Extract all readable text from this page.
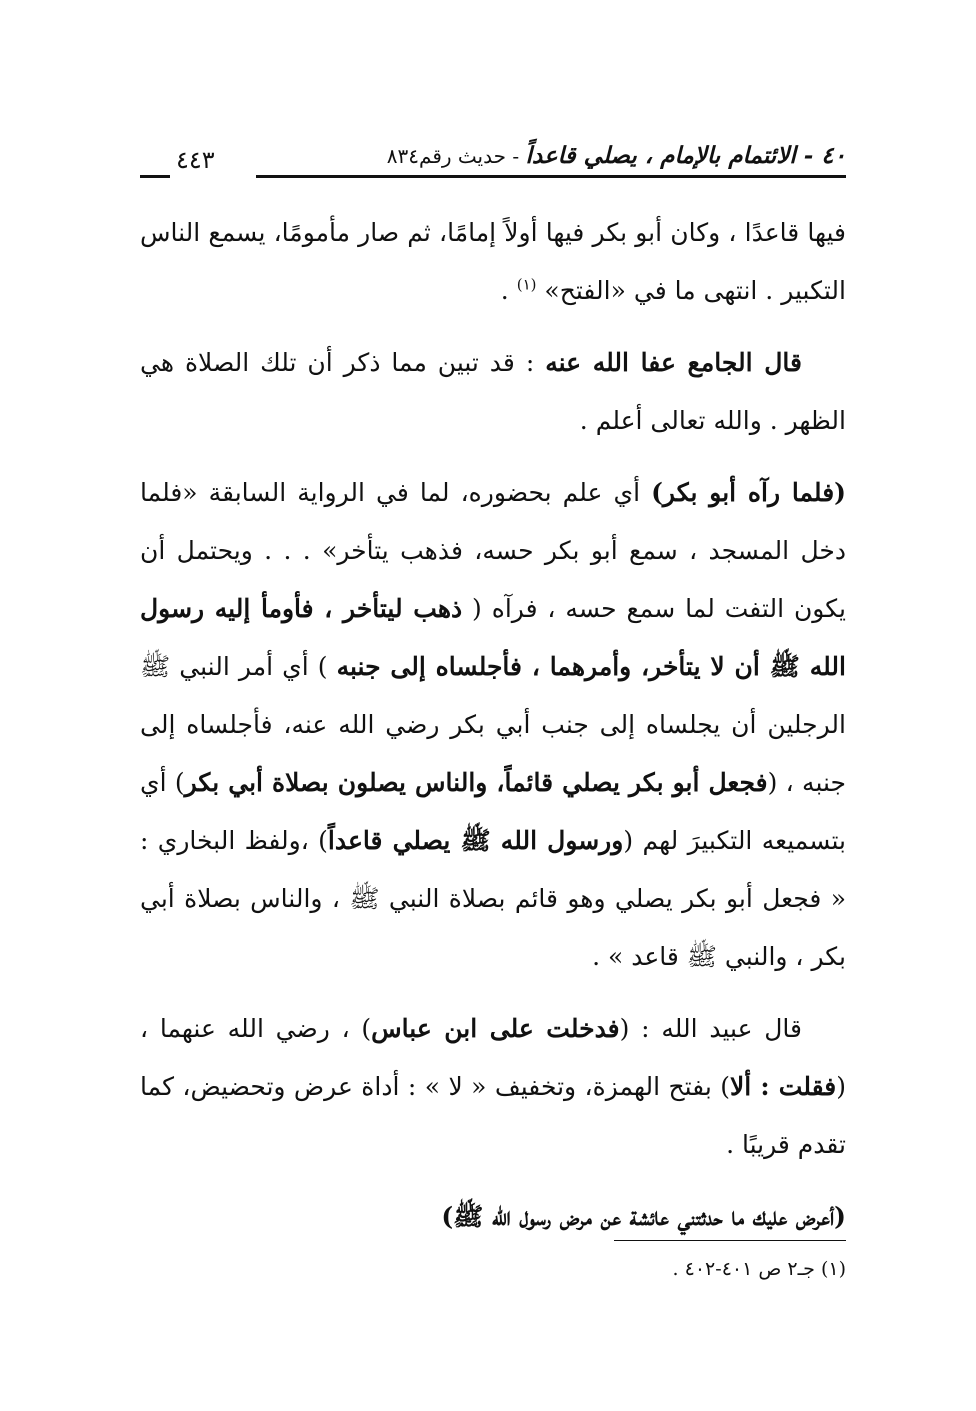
٤٠ - الائتمام بالإمام ، يصلي قاعداً - حديث رقم٨٣٤
٤٤٣

فيها قاعدًا ، وكان أبو بكر فيها أولاً إمامًا، ثم صار مأمومًا، يسمع الناس التكبير . انتهى ما في «الفتح» $^{(١)}$ .

قال الجامع عفا الله عنه : قد تبين مما ذكر أن تلك الصلاة هي الظهر . والله تعالى أعلم .

(فلما رآه أبو بكر) أي علم بحضوره، لما في الرواية السابقة «فلما دخل المسجد ، سمع أبو بكر حسه، فذهب يتأخر» . . . ويحتمل أن يكون التفت لما سمع حسه ، فرآه ( ذهب ليتأخر ، فأومأ إليه رسول الله ﷺ أن لا يتأخر، وأمرهما ، فأجلساه إلى جنبه ) أي أمر النبي ﷺ الرجلين أن يجلساه إلى جنب أبي بكر رضي الله عنه، فأجلساه إلى جنبه ، (فجعل أبو بكر يصلي قائماً، والناس يصلون بصلاة أبي بكر) أي بتسميعه التكبيرَ لهم (ورسول الله ﷺ يصلي قاعداً) ،ولفظ البخاري : « فجعل أبو بكر يصلي وهو قائم بصلاة النبي ﷺ ، والناس بصلاة أبي بكر ، والنبي ﷺ قاعد » .

قال عبيد الله : (فدخلت على ابن عباس) ، رضي الله عنهما ، (فقلت : ألا) بفتح الهمزة، وتخفيف « لا » : أداة عرض وتحضيض، كما تقدم قريبًا .

(أعرض عليك ما حدثتني عائشة عن مرض رسول الله ﷺ)

(١) جـ٢ ص ٤٠١-٤٠٢ .
